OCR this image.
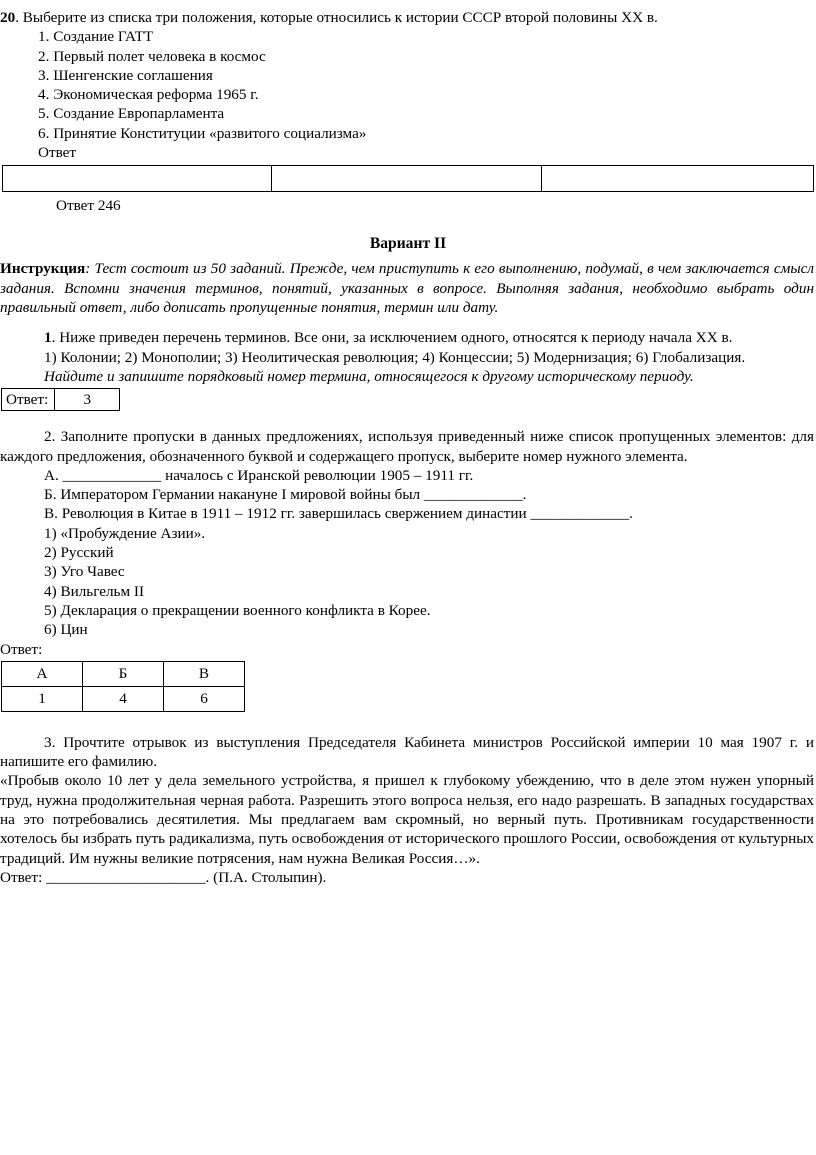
20. Выберите из списка три положения, которые относились к истории СССР второй половины XX в.

1. Создание ГАТТ

2. Первый полет человека в космос

3. Шенгенские соглашения

4. Экономическая реформа 1965 г.

5. Создание Европарламента

6. Принятие Конституции «развитого социализма»

Ответ

Ответ 246

Вариант II

Инструкция: Тест состоит из 50 заданий. Прежде, чем приступить к его выполнению, подумай, в чем заключается смысл задания. Вспомни значения терминов, понятий, указанных в вопросе. Выполняя задания, необходимо выбрать один правильный ответ, либо дописать пропущенные понятия, термин или дату.

1. Ниже приведен перечень терминов. Все они, за исключением одного, относятся к периоду начала XX в.

1) Колонии; 2) Монополии; 3) Неолитическая революция; 4) Концессии; 5) Модернизация; 6) Глобализация.

Найдите и запишите порядковый номер термина, относящегося к другому историческому периоду.

Ответ:	3

2. Заполните пропуски в данных предложениях, используя приведенный ниже список пропущенных элементов: для каждого предложения, обозначенного буквой и содержащего пропуск, выберите номер нужного элемента.

А. _____________ началось с Иранской революции 1905 – 1911 гг.

Б. Императором Германии накануне I мировой войны был _____________.

В. Революция в Китае в 1911 – 1912 гг. завершилась свержением династии _____________.

1) «Пробуждение Азии».

2) Русский

3) Уго Чавес

4) Вильгельм II

5) Декларация о прекращении военного конфликта в Корее.

6) Цин

Ответ:

А	Б	В
1	4	6

3. Прочтите отрывок из выступления Председателя Кабинета министров Российской империи 10 мая 1907 г. и напишите его фамилию.

«Пробыв около 10 лет у дела земельного устройства, я пришел к глубокому убеждению, что в деле этом нужен упорный труд, нужна продолжительная черная работа. Разрешить этого вопроса нельзя, его надо разрешать. В западных государствах на это потребовались десятилетия. Мы предлагаем вам скромный, но верный путь. Противникам государственности хотелось бы избрать путь радикализма, путь освобождения от исторического прошлого России, освобождения от культурных традиций. Им нужны великие потрясения, нам нужна Великая Россия…».

Ответ: _____________________. (П.А. Столыпин).
